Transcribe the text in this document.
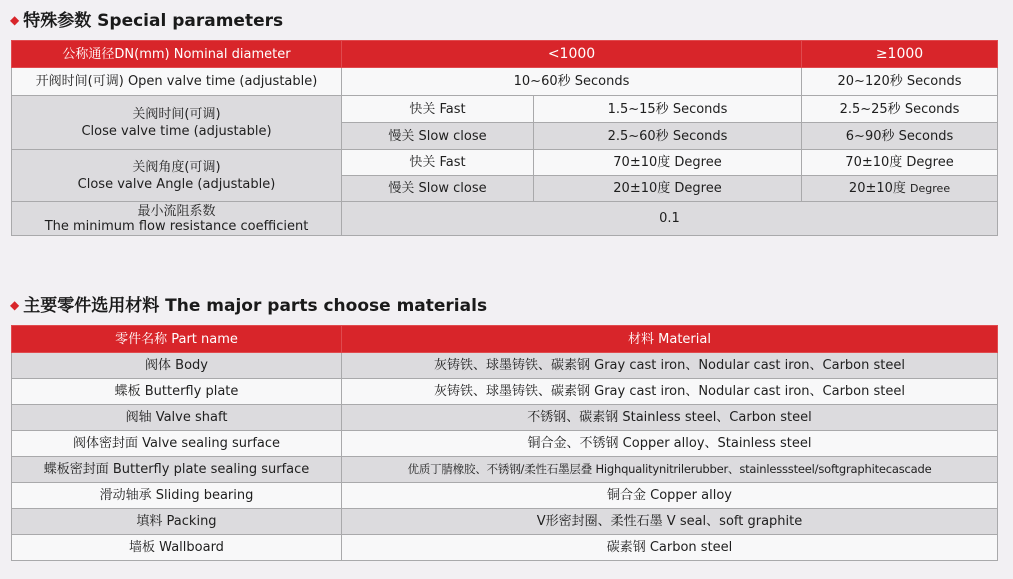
◆ 特殊参数 Special parameters
公称通径DN(mm) Nominal diameter	<1000		≥1000
开阀时间(可调) Open valve time (adjustable)	10~60秒 Seconds		20~120秒 Seconds

关阀时间(可调)
Close valve time (adjustable)	快关 Fast	1.5~15秒 Seconds	2.5~25秒 Seconds
	慢关 Slow close	2.5~60秒 Seconds	6~90秒 Seconds

关阀角度(可调)
Close valve Angle (adjustable)	快关 Fast	70±10度 Degree	70±10度 Degree
	慢关 Slow close	20±10度 Degree	20±10度 Degree

最小流阻系数
The minimum flow resistance coefficient	0.1		
◆ 主要零件选用材料 The major parts choose materials
零件名称 Part name	材料 Material
阀体 Body	灰铸铁、球墨铸铁、碳素钢 Gray cast iron、Nodular cast iron、Carbon steel
蝶板 Butterfly plate	灰铸铁、球墨铸铁、碳素钢 Gray cast iron、Nodular cast iron、Carbon steel
阀轴 Valve shaft	不锈钢、碳素钢 Stainless steel、Carbon steel
阀体密封面 Valve sealing surface	铜合金、不锈钢 Copper alloy、Stainless steel
蝶板密封面 Butterfly plate sealing surface	优质丁腈橡胶、不锈钢/柔性石墨层叠 Highqualitynitrilerubber、stainlesssteel/softgraphitecascade
滑动轴承 Sliding bearing	铜合金 Copper alloy
填料 Packing	V形密封圈、柔性石墨 V seal、soft graphite
墙板 Wallboard	碳素钢 Carbon steel
